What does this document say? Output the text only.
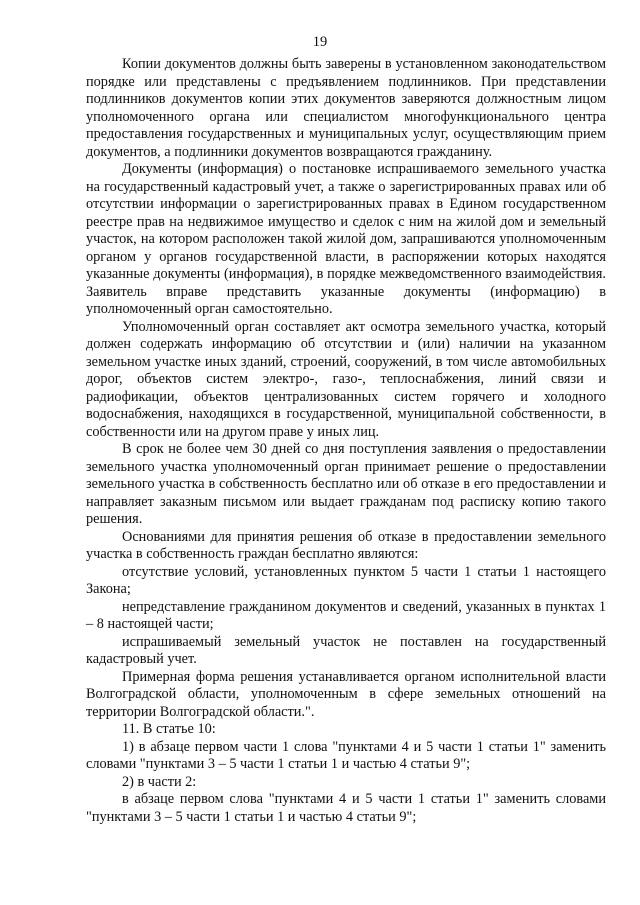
19

Копии документов должны быть заверены в установленном законодательством порядке или представлены с предъявлением подлинников. При представлении подлинников документов копии этих документов заверяются должностным лицом уполномоченного органа или специалистом многофункционального центра предоставления государственных и муниципальных услуг, осуществляющим прием документов, а подлинники документов возвращаются гражданину.

Документы (информация) о постановке испрашиваемого земельного участка на государственный кадастровый учет, а также о зарегистрированных правах или об отсутствии информации о зарегистрированных правах в Едином государственном реестре прав на недвижимое имущество и сделок с ним на жилой дом и земельный участок, на котором расположен такой жилой дом, запрашиваются уполномоченным органом у органов государственной власти, в распоряжении которых находятся указанные документы (информация), в порядке межведомственного взаимодействия. Заявитель вправе представить указанные документы (информацию) в уполномоченный орган самостоятельно.

Уполномоченный орган составляет акт осмотра земельного участка, который должен содержать информацию об отсутствии и (или) наличии на указанном земельном участке иных зданий, строений, сооружений, в том числе автомобильных дорог, объектов систем электро-, газо-, теплоснабжения, линий связи и радиофикации, объектов централизованных систем горячего и холодного водоснабжения, находящихся в государственной, муниципальной собственности, в собственности или на другом праве у иных лиц.

В срок не более чем 30 дней со дня поступления заявления о предоставлении земельного участка уполномоченный орган принимает решение о предоставлении земельного участка в собственность бесплатно или об отказе в его предоставлении и направляет заказным письмом или выдает гражданам под расписку копию такого решения.

Основаниями для принятия решения об отказе в предоставлении земельного участка в собственность граждан бесплатно являются:

отсутствие условий, установленных пунктом 5 части 1 статьи 1 настоящего Закона;

непредставление гражданином документов и сведений, указанных в пунктах 1 – 8 настоящей части;

испрашиваемый земельный участок не поставлен на государственный кадастровый учет.

Примерная форма решения устанавливается органом исполнительной власти Волгоградской области, уполномоченным в сфере земельных отношений на территории Волгоградской области.".

11. В статье 10:

1) в абзаце первом части 1 слова "пунктами 4 и 5 части 1 статьи 1" заменить словами "пунктами 3 – 5 части 1 статьи 1 и частью 4 статьи 9";

2) в части 2:

в абзаце первом слова "пунктами 4 и 5 части 1 статьи 1" заменить словами "пунктами 3 – 5 части 1 статьи 1 и частью 4 статьи 9";
